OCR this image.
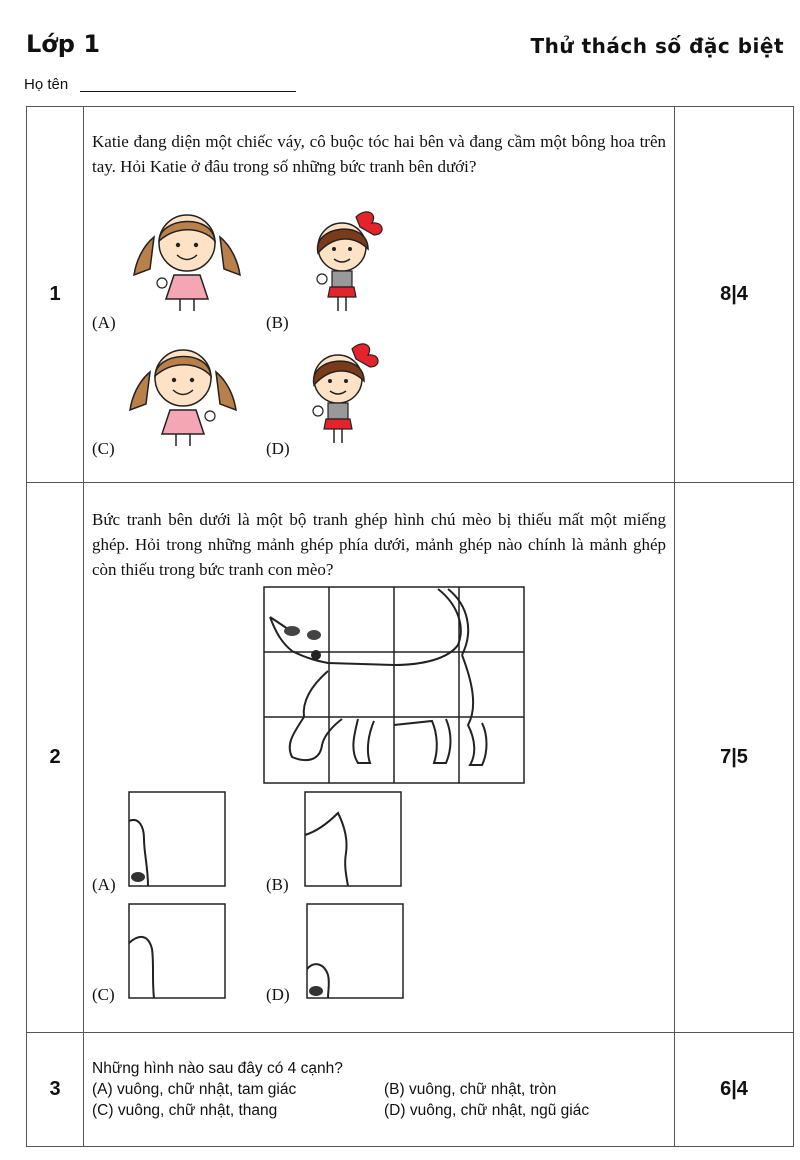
Lớp 1	Thử thách số đặc biệt
Họ tên
1	Katie đang diện một chiếc váy, cô buộc tóc hai bên và đang cầm một bông hoa trên tay. Hỏi Katie ở đâu trong số những bức tranh bên dưới?
(A) (B)
(C) (D)	8|4
2	Bức tranh bên dưới là một bộ tranh ghép hình chú mèo bị thiếu mất một miếng ghép. Hỏi trong những mảnh ghép phía dưới, mảnh ghép nào chính là mảnh ghép còn thiếu trong bức tranh con mèo?
(A) (B)
(C) (D)	7|5
3	Những hình nào sau đây có 4 cạnh?
(A) vuông, chữ nhật, tam giác (B) vuông, chữ nhật, tròn
(C) vuông, chữ nhật, thang (D) vuông, chữ nhật, ngũ giác	6|4
